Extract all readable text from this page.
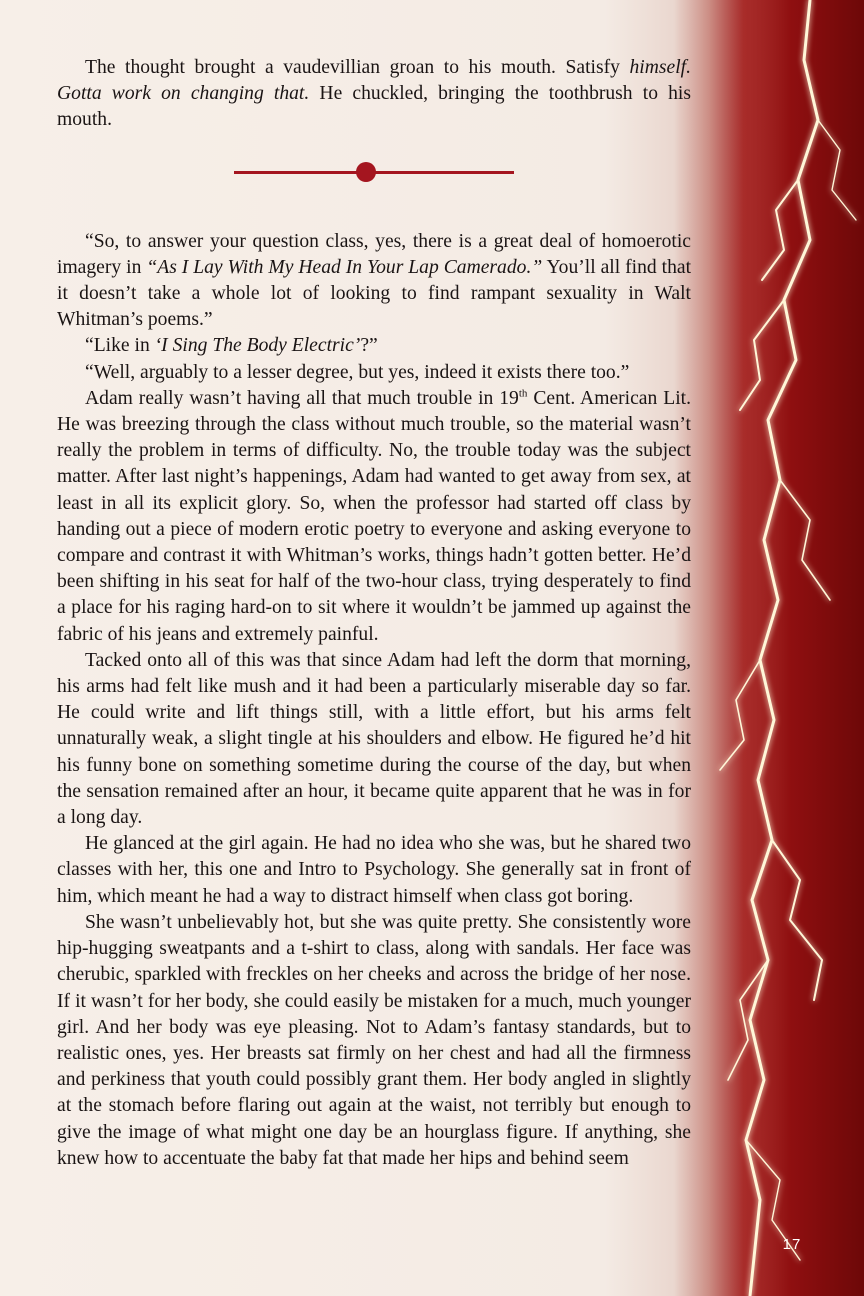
The thought brought a vaudevillian groan to his mouth. Satisfy himself. Gotta work on changing that. He chuckled, bringing the toothbrush to his mouth.

“So, to answer your question class, yes, there is a great deal of homoerotic imagery in “As I Lay With My Head In Your Lap Camerado.” You’ll all find that it doesn’t take a whole lot of looking to find rampant sexuality in Walt Whitman’s poems.”

“Like in ‘I Sing The Body Electric’?”

“Well, arguably to a lesser degree, but yes, indeed it exists there too.”

Adam really wasn’t having all that much trouble in 19th Cent. American Lit. He was breezing through the class without much trouble, so the material wasn’t really the problem in terms of difficulty. No, the trouble today was the subject matter. After last night’s happenings, Adam had wanted to get away from sex, at least in all its explicit glory. So, when the professor had started off class by handing out a piece of modern erotic poetry to everyone and asking everyone to compare and contrast it with Whitman’s works, things hadn’t gotten better. He’d been shifting in his seat for half of the two-hour class, trying desperately to find a place for his raging hard-on to sit where it wouldn’t be jammed up against the fabric of his jeans and extremely painful.

Tacked onto all of this was that since Adam had left the dorm that morning, his arms had felt like mush and it had been a particularly miserable day so far. He could write and lift things still, with a little effort, but his arms felt unnaturally weak, a slight tingle at his shoulders and elbow. He figured he’d hit his funny bone on something sometime during the course of the day, but when the sensation remained after an hour, it became quite apparent that he was in for a long day.

He glanced at the girl again. He had no idea who she was, but he shared two classes with her, this one and Intro to Psychology. She generally sat in front of him, which meant he had a way to distract himself when class got boring.

She wasn’t unbelievably hot, but she was quite pretty. She consistently wore hip-hugging sweatpants and a t-shirt to class, along with sandals. Her face was cherubic, sparkled with freckles on her cheeks and across the bridge of her nose. If it wasn’t for her body, she could easily be mistaken for a much, much younger girl. And her body was eye pleasing. Not to Adam’s fantasy standards, but to realistic ones, yes. Her breasts sat firmly on her chest and had all the firmness and perkiness that youth could possibly grant them. Her body angled in slightly at the stomach before flaring out again at the waist, not terribly but enough to give the image of what might one day be an hourglass figure. If anything, she knew how to accentuate the baby fat that made her hips and behind seem

17
